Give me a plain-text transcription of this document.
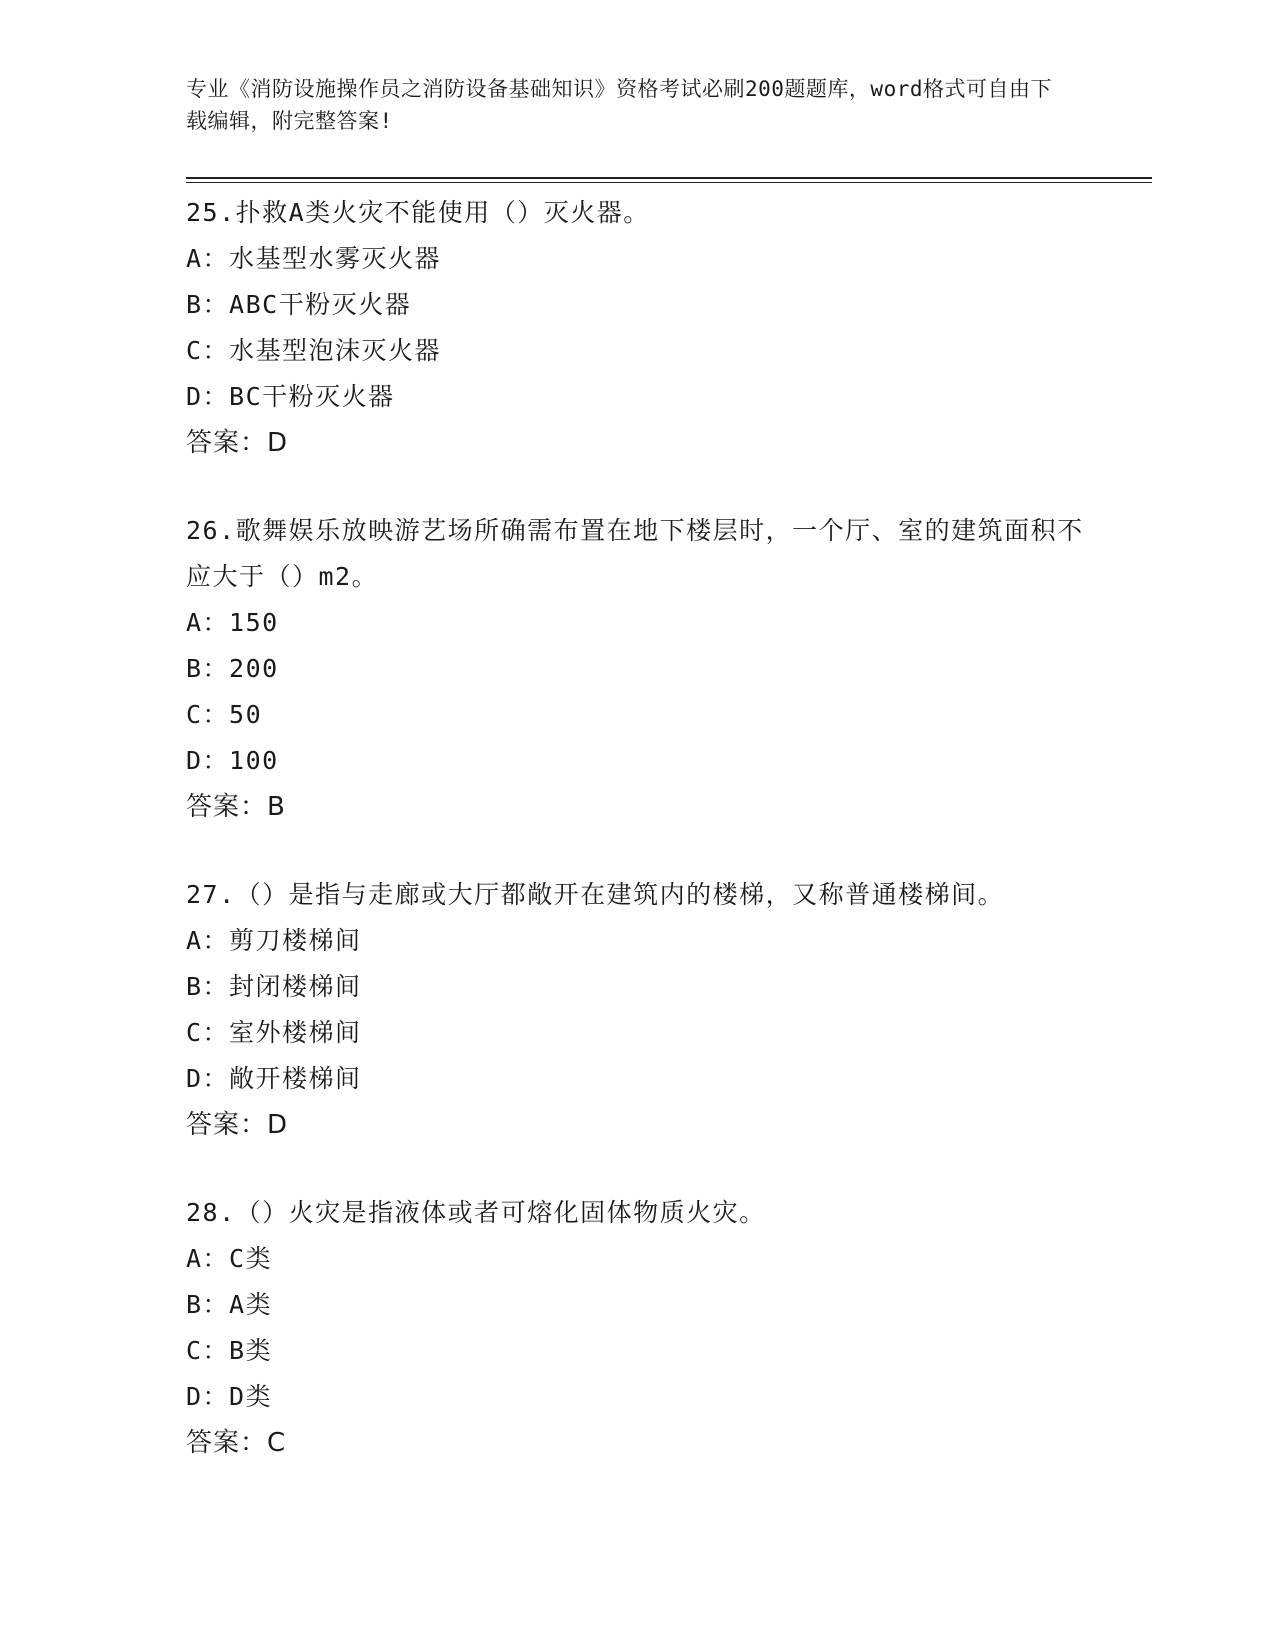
专业《消防设施操作员之消防设备基础知识》资格考试必刷200题题库，word格式可自由下载编辑，附完整答案!
25.扑救A类火灾不能使用（）灭火器。
A：水基型水雾灭火器
B：ABC干粉灭火器
C：水基型泡沫灭火器
D：BC干粉灭火器
答案：D
26.歌舞娱乐放映游艺场所确需布置在地下楼层时，一个厅、室的建筑面积不应大于（）m2。
A：150
B：200
C：50
D：100
答案：B
27.（）是指与走廊或大厅都敞开在建筑内的楼梯，又称普通楼梯间。
A：剪刀楼梯间
B：封闭楼梯间
C：室外楼梯间
D：敞开楼梯间
答案：D
28.（）火灾是指液体或者可熔化固体物质火灾。
A：C类
B：A类
C：B类
D：D类
答案：C
